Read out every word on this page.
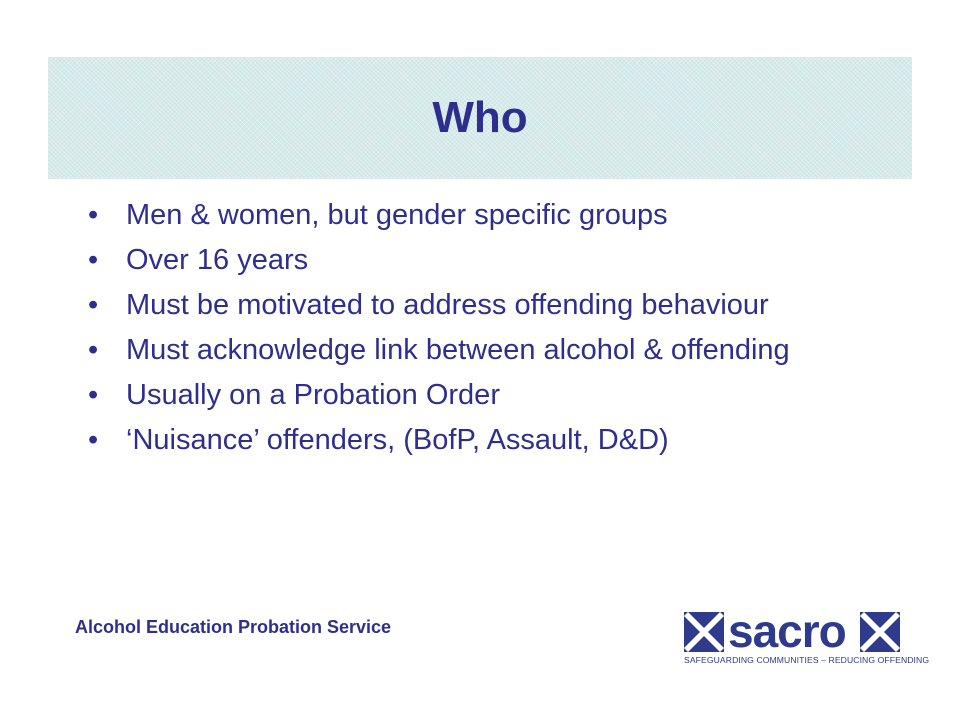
Who
• Men & women, but gender specific groups
• Over 16 years
• Must be motivated to address offending behaviour
• Must acknowledge link between alcohol & offending
• Usually on a Probation Order
• ‘Nuisance’ offenders, (BofP, Assault, D&D)
Alcohol Education Probation Service	sacro
SAFEGUARDING COMMUNITIES – REDUCING OFFENDING
